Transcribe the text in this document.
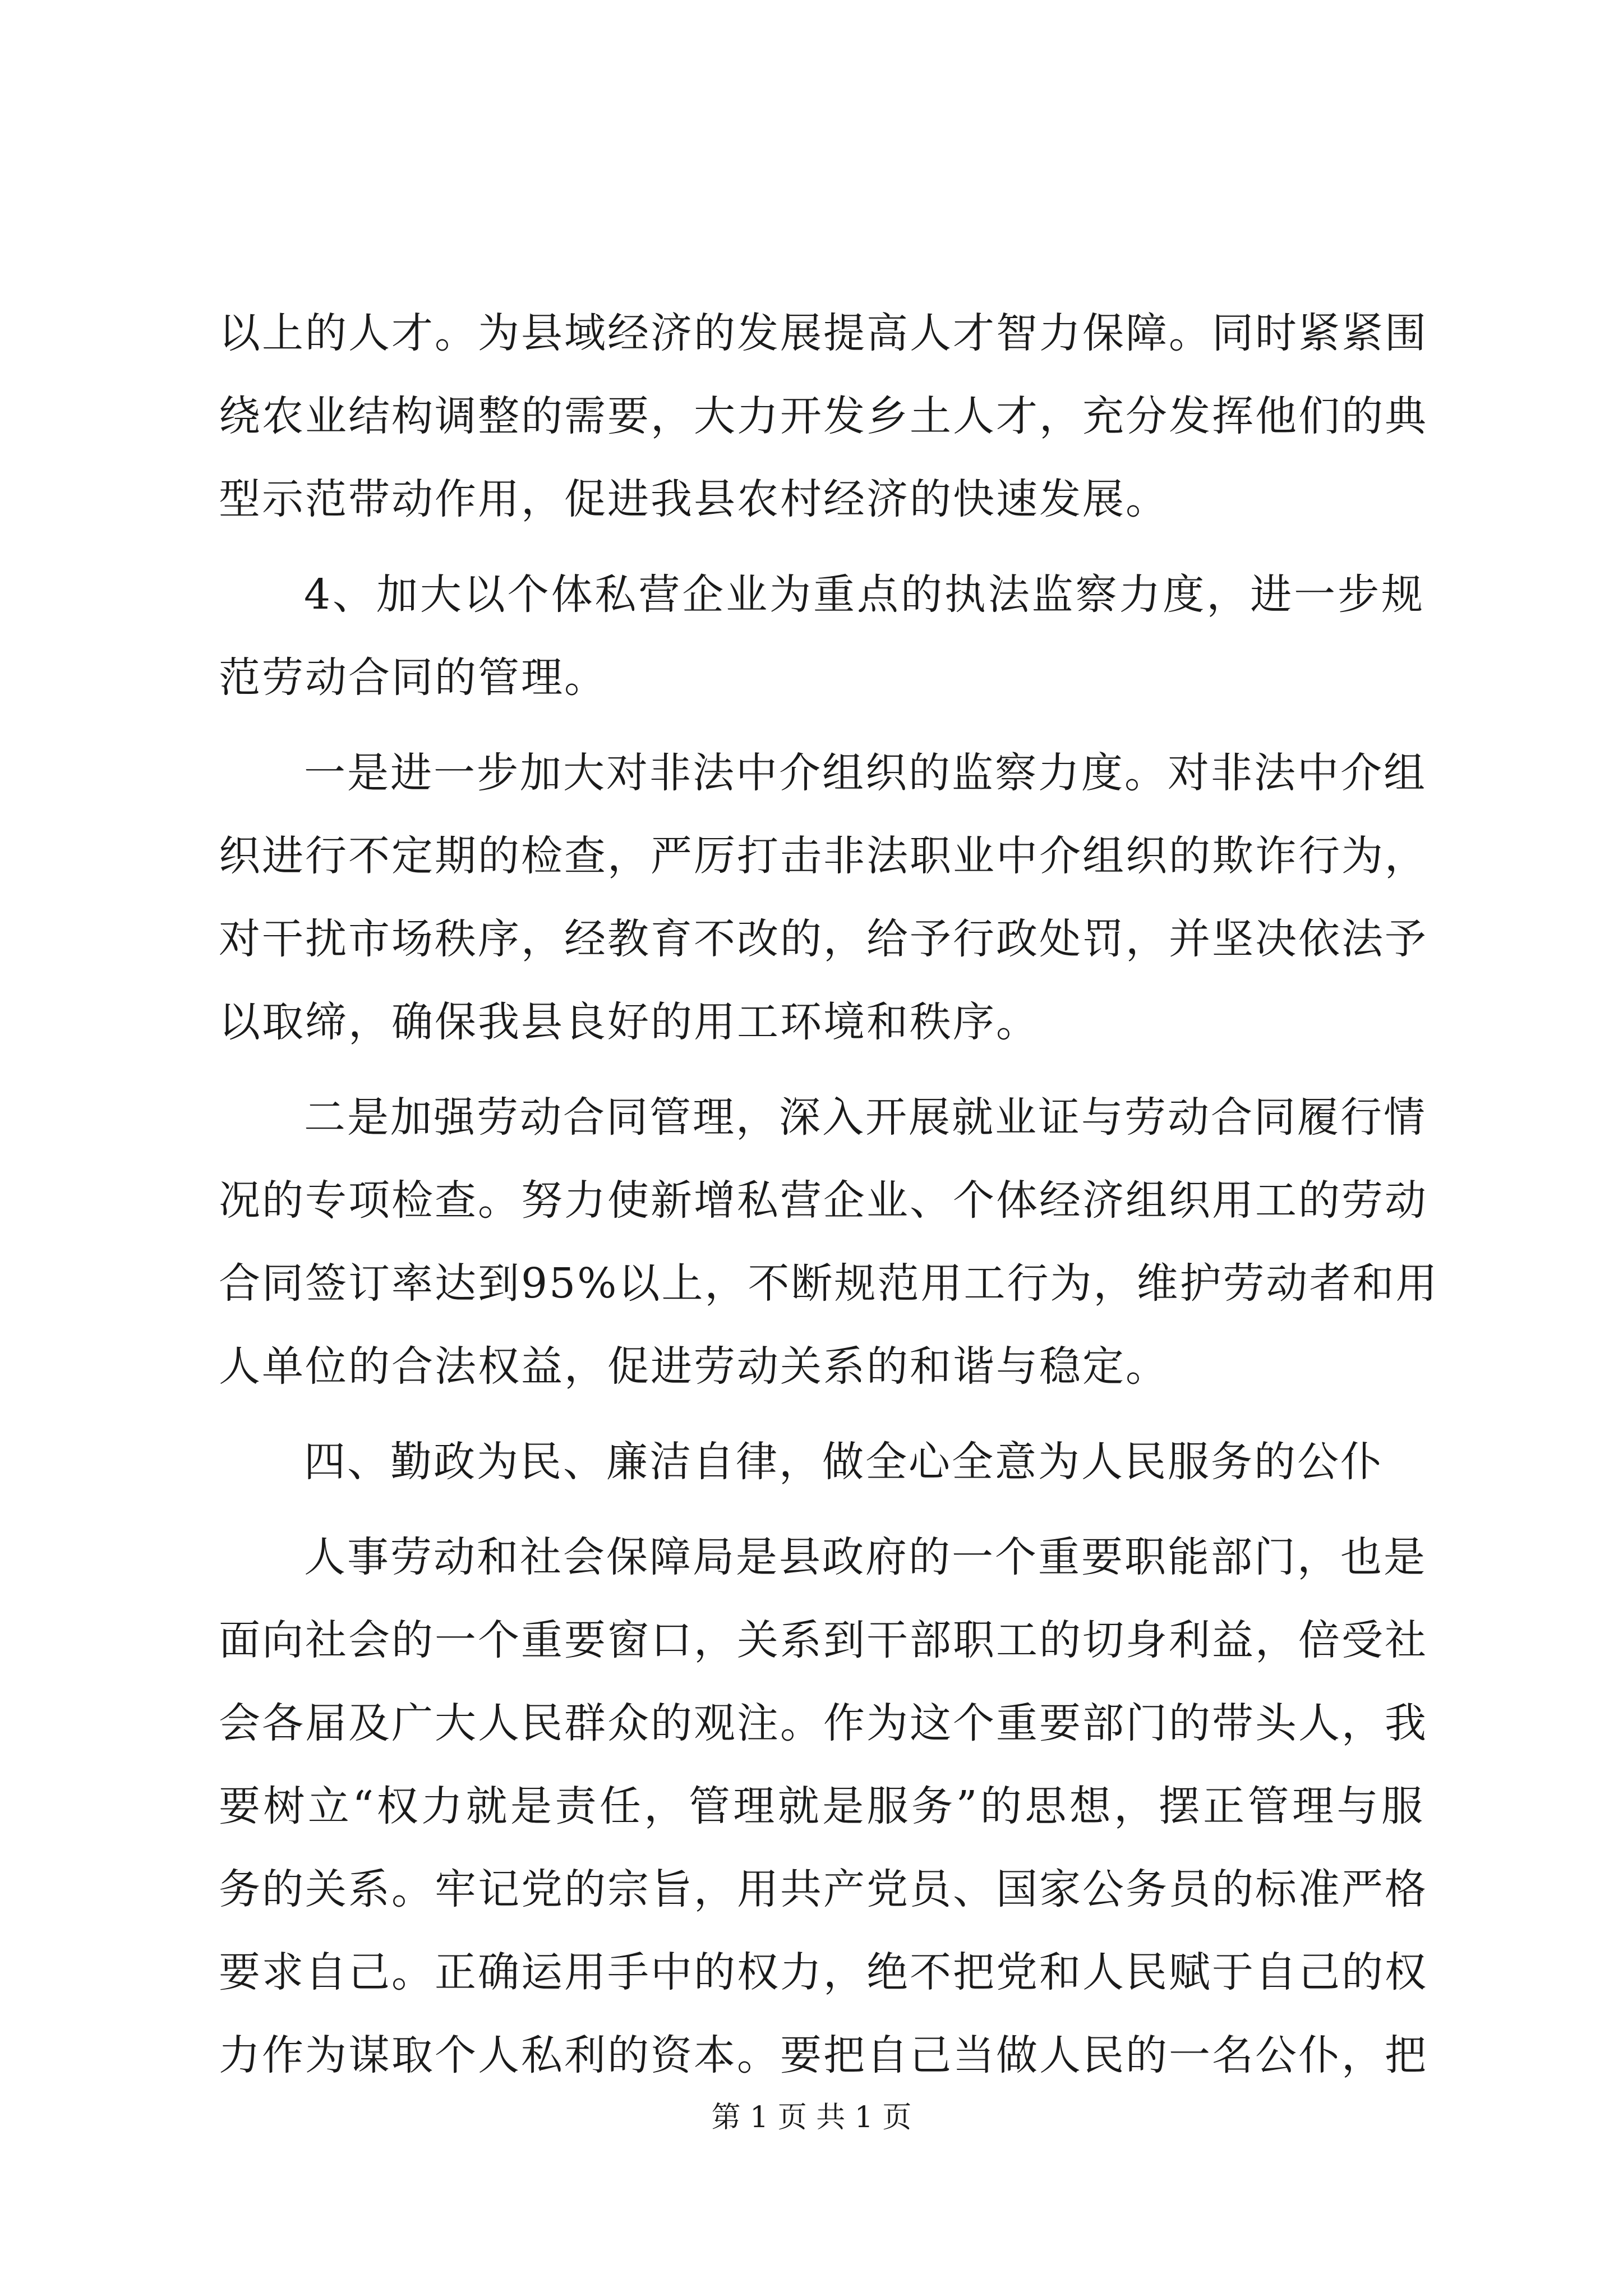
以上的人才。为县域经济的发展提高人才智力保障。同时紧紧围
绕农业结构调整的需要，大力开发乡土人才，充分发挥他们的典
型示范带动作用，促进我县农村经济的快速发展。
4、加大以个体私营企业为重点的执法监察力度，进一步规
范劳动合同的管理。
一是进一步加大对非法中介组织的监察力度。对非法中介组
织进行不定期的检查，严厉打击非法职业中介组织的欺诈行为，
对干扰市场秩序，经教育不改的，给予行政处罚，并坚决依法予
以取缔，确保我县良好的用工环境和秩序。
二是加强劳动合同管理，深入开展就业证与劳动合同履行情
况的专项检查。努力使新增私营企业、个体经济组织用工的劳动
合同签订率达到95%以上，不断规范用工行为，维护劳动者和用
人单位的合法权益，促进劳动关系的和谐与稳定。
四、勤政为民、廉洁自律，做全心全意为人民服务的公仆
人事劳动和社会保障局是县政府的一个重要职能部门，也是
面向社会的一个重要窗口，关系到干部职工的切身利益，倍受社
会各届及广大人民群众的观注。作为这个重要部门的带头人，我
要树立“权力就是责任，管理就是服务”的思想，摆正管理与服
务的关系。牢记党的宗旨，用共产党员、国家公务员的标准严格
要求自己。正确运用手中的权力，绝不把党和人民赋于自己的权
力作为谋取个人私利的资本。要把自己当做人民的一名公仆，把
第 1 页 共 1 页
